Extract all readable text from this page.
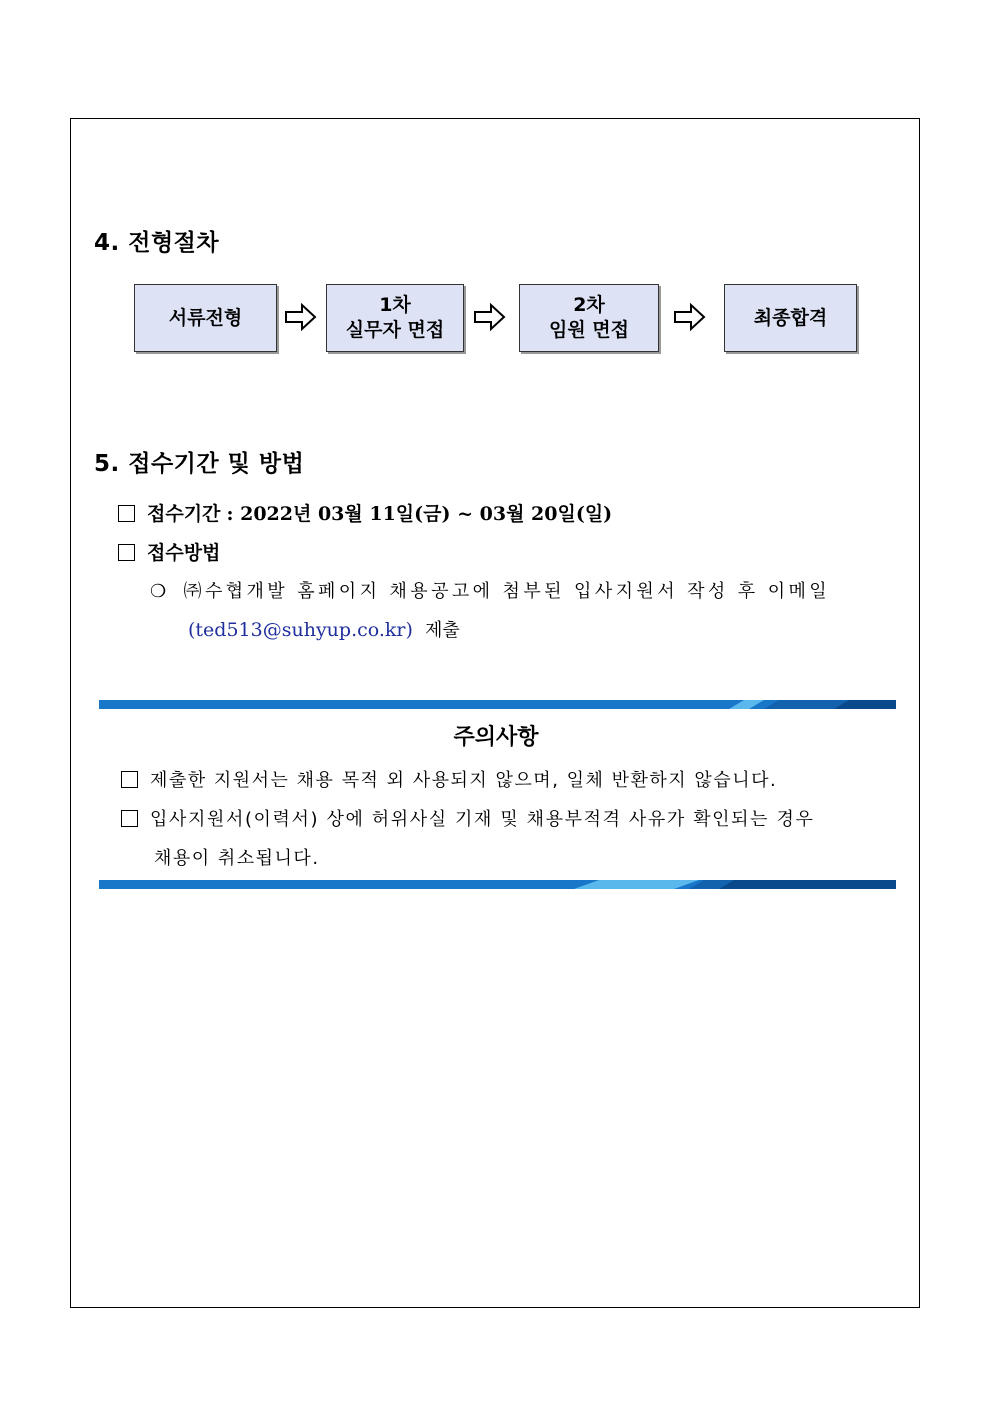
4. 전형절차
서류전형
1차
실무자 면접
2차
임원 면접
최종합격
5. 접수기간 및 방법
접수기간 : 2022년 03월 11일(금) ~ 03월 20일(일)
접수방법
❍ ㈜수협개발 홈페이지 채용공고에 첨부된 입사지원서 작성 후 이메일
(ted513@suhyup.co.kr) 제출
주의사항
제출한 지원서는 채용 목적 외 사용되지 않으며, 일체 반환하지 않습니다.
입사지원서(이력서) 상에 허위사실 기재 및 채용부적격 사유가 확인되는 경우
채용이 취소됩니다.
